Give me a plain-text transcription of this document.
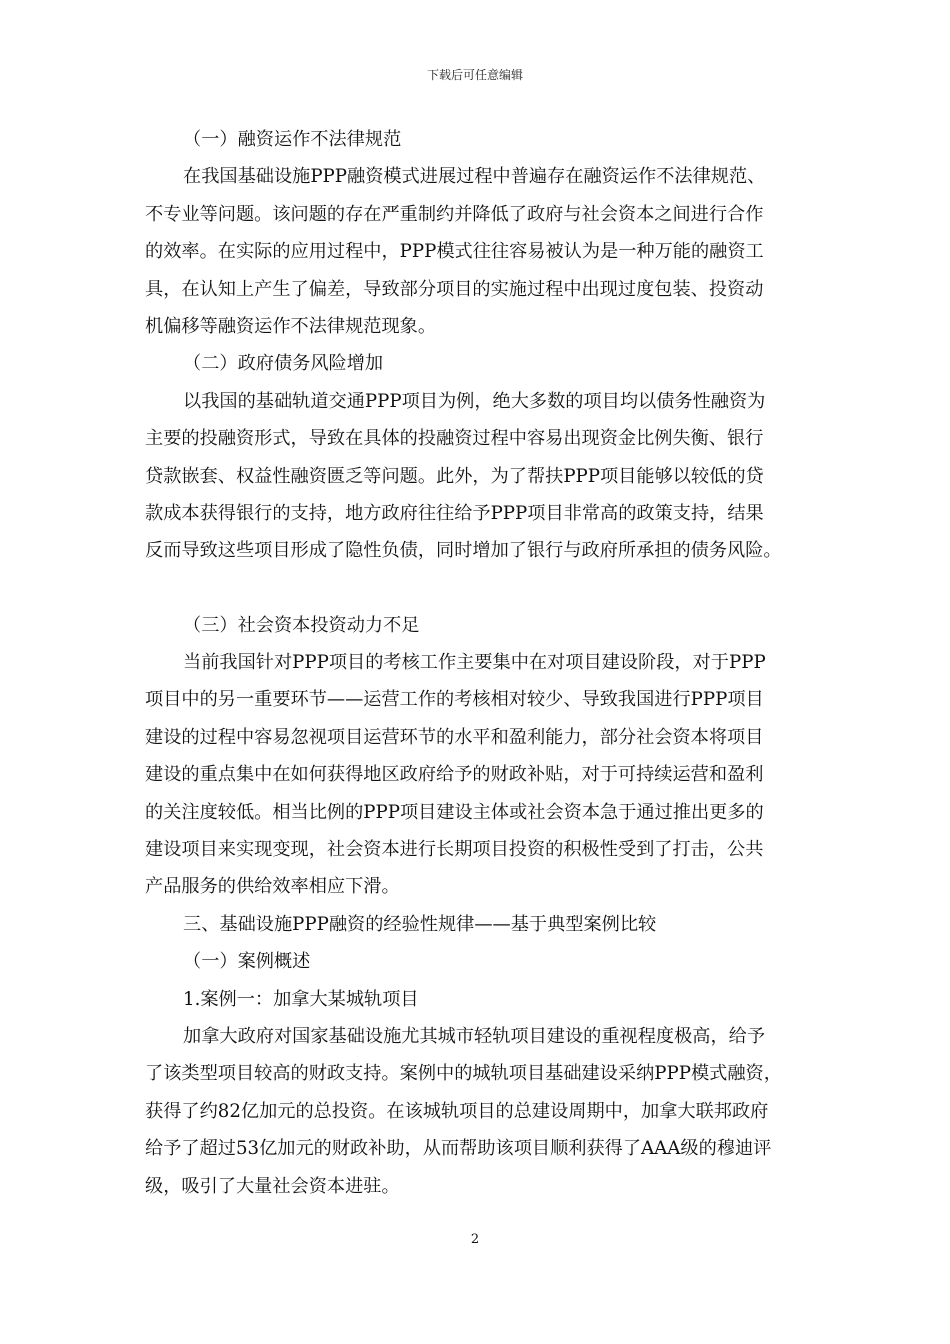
下载后可任意编辑
（一）融资运作不法律规范
在我国基础设施PPP融资模式进展过程中普遍存在融资运作不法律规范、
不专业等问题。该问题的存在严重制约并降低了政府与社会资本之间进行合作
的效率。在实际的应用过程中，PPP模式往往容易被认为是一种万能的融资工
具，在认知上产生了偏差，导致部分项目的实施过程中出现过度包装、投资动
机偏移等融资运作不法律规范现象。
（二）政府债务风险增加
以我国的基础轨道交通PPP项目为例，绝大多数的项目均以债务性融资为
主要的投融资形式，导致在具体的投融资过程中容易出现资金比例失衡、银行
贷款嵌套、权益性融资匮乏等问题。此外，为了帮扶PPP项目能够以较低的贷
款成本获得银行的支持，地方政府往往给予PPP项目非常高的政策支持，结果
反而导致这些项目形成了隐性负债，同时增加了银行与政府所承担的债务风险。
（三）社会资本投资动力不足
当前我国针对PPP项目的考核工作主要集中在对项目建设阶段，对于PPP
项目中的另一重要环节——运营工作的考核相对较少、导致我国进行PPP项目
建设的过程中容易忽视项目运营环节的水平和盈利能力，部分社会资本将项目
建设的重点集中在如何获得地区政府给予的财政补贴，对于可持续运营和盈利
的关注度较低。相当比例的PPP项目建设主体或社会资本急于通过推出更多的
建设项目来实现变现，社会资本进行长期项目投资的积极性受到了打击，公共
产品服务的供给效率相应下滑。
三、基础设施PPP融资的经验性规律——基于典型案例比较
（一）案例概述
1.案例一：加拿大某城轨项目
加拿大政府对国家基础设施尤其城市轻轨项目建设的重视程度极高，给予
了该类型项目较高的财政支持。案例中的城轨项目基础建设采纳PPP模式融资，
获得了约82亿加元的总投资。在该城轨项目的总建设周期中，加拿大联邦政府
给予了超过53亿加元的财政补助，从而帮助该项目顺利获得了AAA级的穆迪评
级，吸引了大量社会资本进驻。
2
